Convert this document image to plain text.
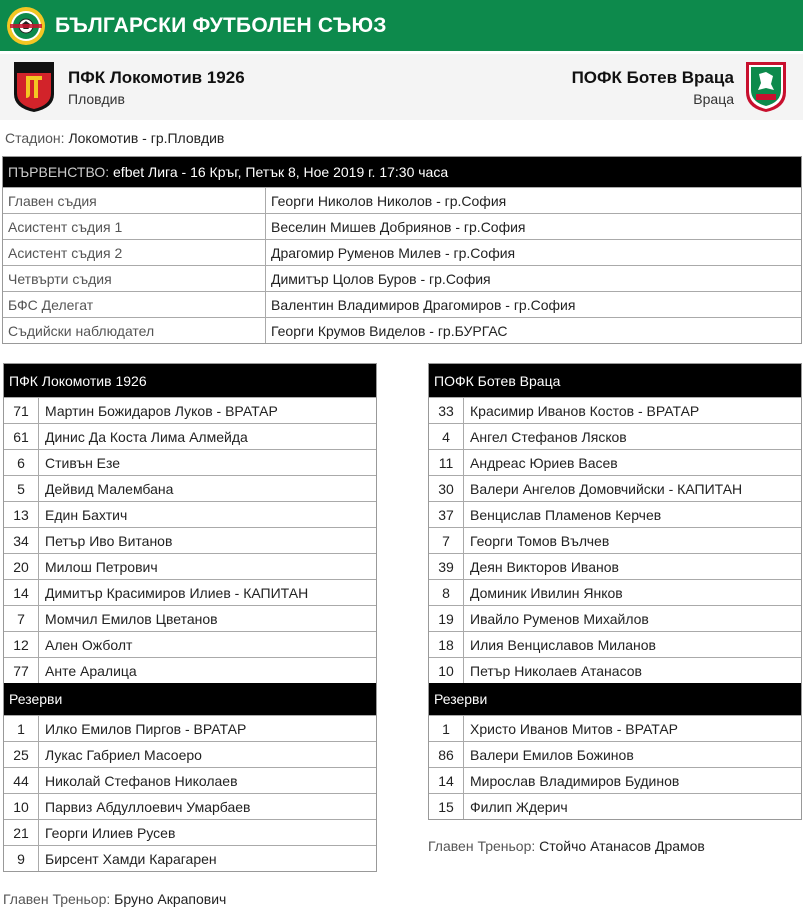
БЪЛГАРСКИ ФУТБОЛЕН СЪЮЗ
ПФК Локомотив 1926
Пловдив
ПОФК Ботев Враца
Враца
Стадион: Локомотив - гр.Пловдив
ПЪРВЕНСТВО:
efbet Лига - 16 Кръг, Петък 8, Ное 2019 г. 17:30 часа
Главен съдия	Георги Николов Николов - гр.София
Асистент съдия 1	Веселин Мишев Добриянов - гр.София
Асистент съдия 2	Драгомир Руменов Милев - гр.София
Четвърти съдия	Димитър Цолов Буров - гр.София
БФС Делегат	Валентин Владимиров Драгомиров - гр.София
Съдийски наблюдател	Георги Крумов Виделов - гр.БУРГАС
ПФК Локомотив 1926
71	Мартин Божидаров Луков - ВРАТАР
61	Динис Да Коста Лима Алмейда
6	Стивън Езе
5	Дейвид Малембана
13	Един Бахтич
34	Петър Иво Витанов
20	Милош Петрович
14	Димитър Красимиров Илиев - КАПИТАН
7	Момчил Емилов Цветанов
12	Ален Ожболт
77	Анте Аралица
Резерви
1	Илко Емилов Пиргов - ВРАТАР
25	Лукас Габриел Масоеро
44	Николай Стефанов Николаев
10	Парвиз Абдуллоевич Умарбаев
21	Георги Илиев Русев
9	Бирсент Хамди Карагарен
Главен Треньор: Бруно Акрапович
ПОФК Ботев Враца
33	Красимир Иванов Костов - ВРАТАР
4	Ангел Стефанов Ляскoв
11	Андреас Юриев Васев
30	Валери Ангелов Домовчийски - КАПИТАН
37	Венцислав Пламенов Керчев
7	Георги Томов Вълчев
39	Деян Викторов Иванов
8	Доминик Ивилин Янков
19	Ивайло Руменов Михайлов
18	Илия Венциславов Миланов
10	Петър Николаев Атанасов
Резерви
1	Христо Иванов Митов - ВРАТАР
86	Валери Емилов Божинов
14	Мирослав Владимиров Будинов
15	Филип Ждерич
Главен Треньор: Стойчо Атанасов Драмов
